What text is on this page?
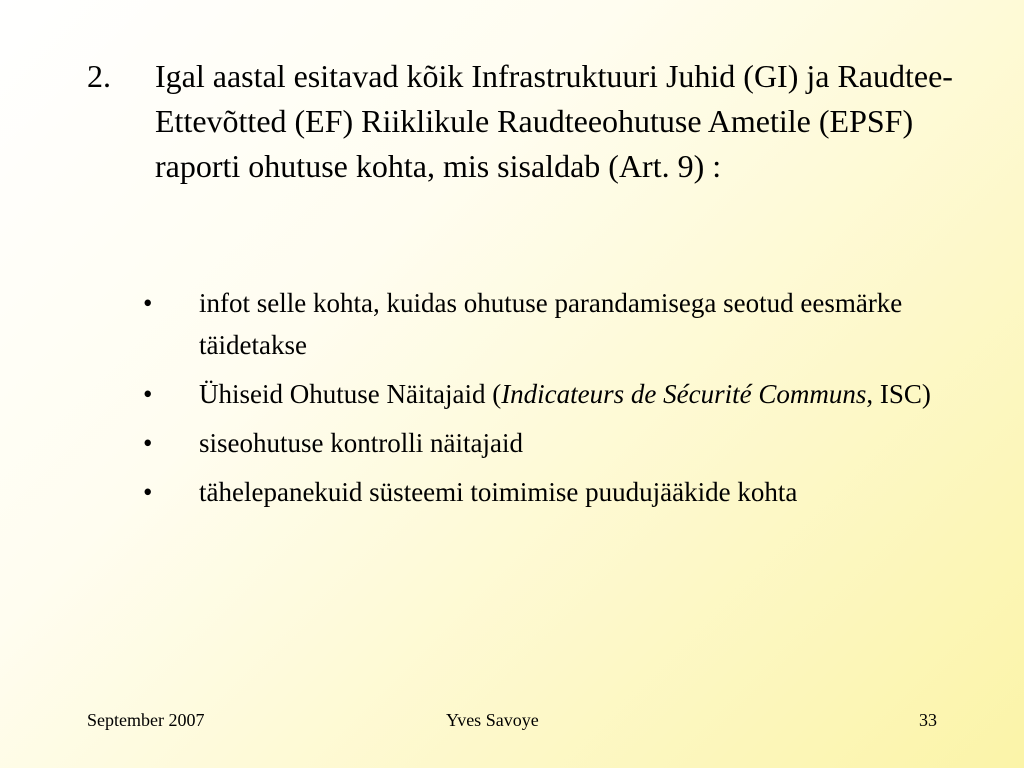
2. Igal aastal esitavad kõik Infrastruktuuri Juhid (GI) ja Raudtee-Ettevõtted (EF) Riiklikule Raudteeohutuse Ametile (EPSF) raporti ohutuse kohta, mis sisaldab (Art. 9) :
• infot selle kohta, kuidas ohutuse parandamisega seotud eesmärke täidetakse
• Ühiseid Ohutuse Näitajaid (Indicateurs de Sécurité Communs, ISC)
• siseohutuse kontrolli näitajaid
• tähelepanekuid süsteemi toimimise puudujääkide kohta
September 2007	Yves Savoye	33
